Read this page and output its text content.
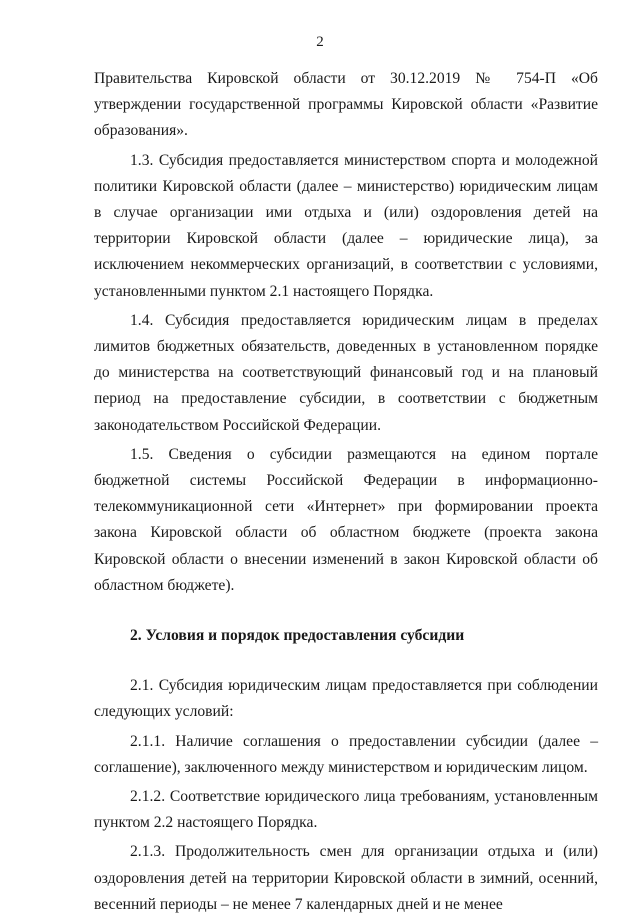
2

Правительства Кировской области от 30.12.2019 № 754-П «Об утверждении государственной программы Кировской области «Развитие образования».

1.3. Субсидия предоставляется министерством спорта и молодежной политики Кировской области (далее – министерство) юридическим лицам в случае организации ими отдыха и (или) оздоровления детей на территории Кировской области (далее – юридические лица), за исключением некоммерческих организаций, в соответствии с условиями, установленными пунктом 2.1 настоящего Порядка.

1.4. Субсидия предоставляется юридическим лицам в пределах лимитов бюджетных обязательств, доведенных в установленном порядке до министерства на соответствующий финансовый год и на плановый период на предоставление субсидии, в соответствии с бюджетным законодательством Российской Федерации.

1.5. Сведения о субсидии размещаются на едином портале бюджетной системы Российской Федерации в информационно-телекоммуникационной сети «Интернет» при формировании проекта закона Кировской области об областном бюджете (проекта закона Кировской области о внесении изменений в закон Кировской области об областном бюджете).

2. Условия и порядок предоставления субсидии

2.1. Субсидия юридическим лицам предоставляется при соблюдении следующих условий:

2.1.1. Наличие соглашения о предоставлении субсидии (далее – соглашение), заключенного между министерством и юридическим лицом.

2.1.2. Соответствие юридического лица требованиям, установленным пунктом 2.2 настоящего Порядка.

2.1.3. Продолжительность смен для организации отдыха и (или) оздоровления детей на территории Кировской области в зимний, осенний, весенний периоды – не менее 7 календарных дней и не менее
